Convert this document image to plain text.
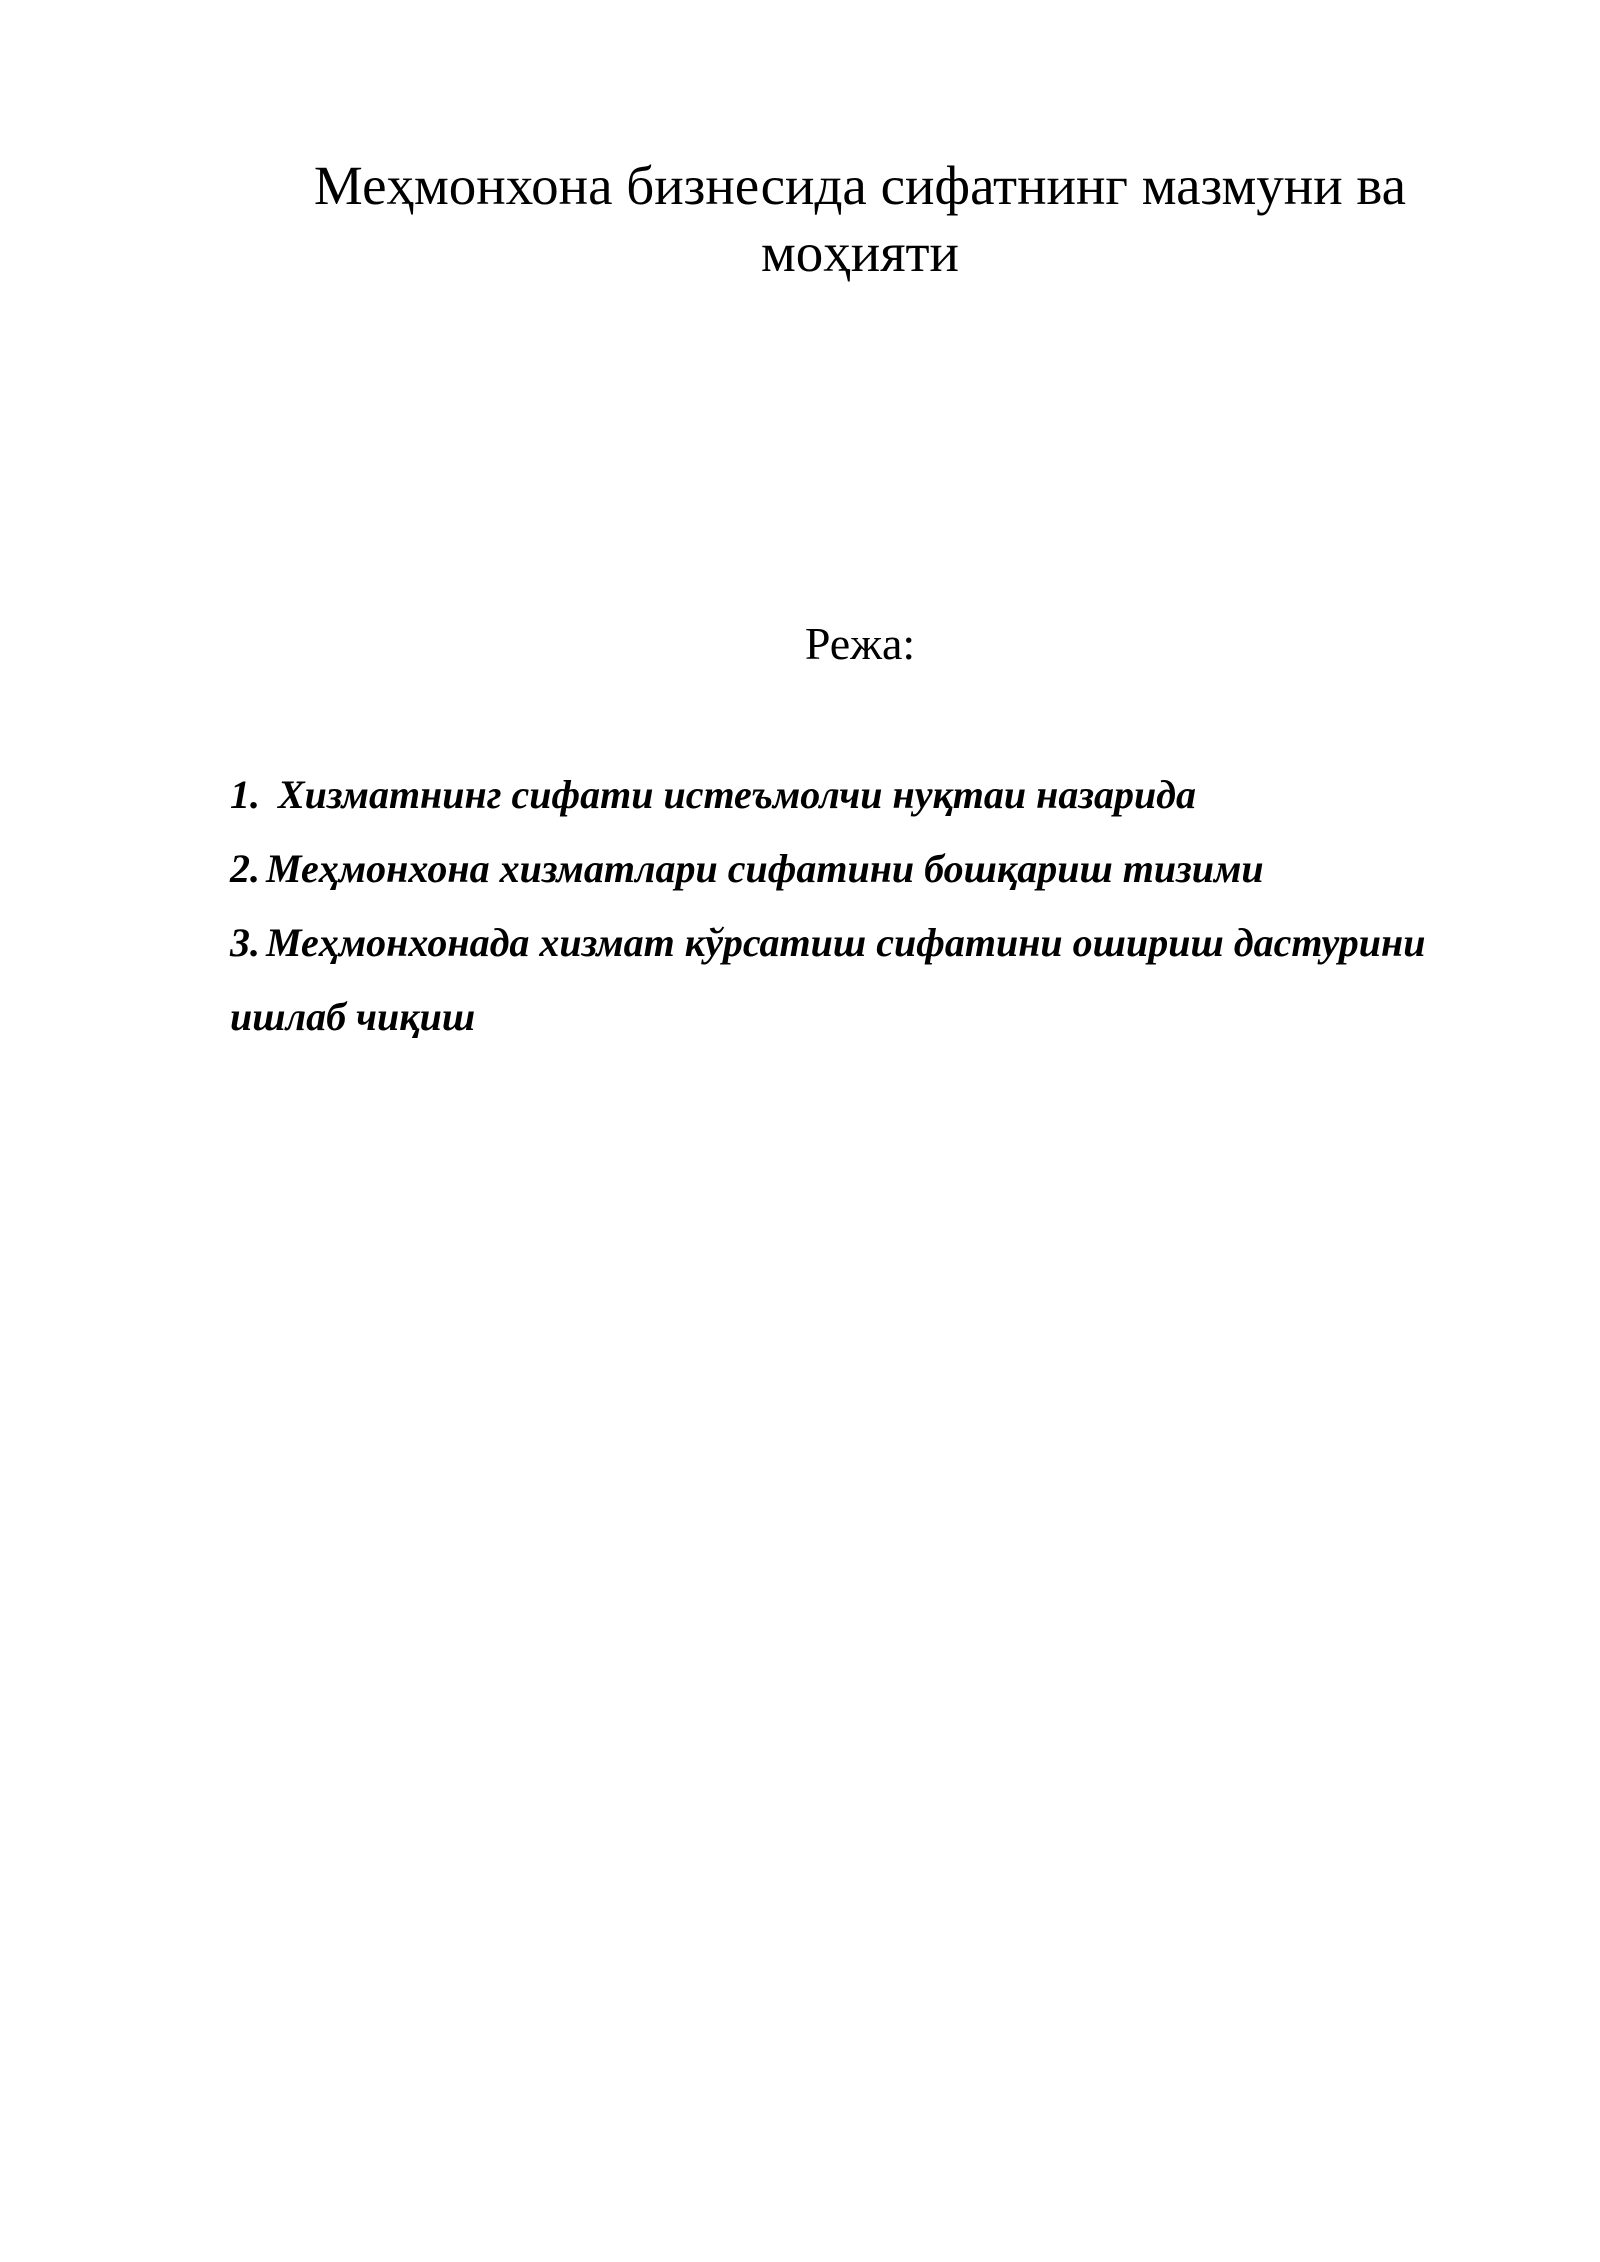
Меҳмонхона бизнесида сифатнинг мазмуни ва моҳияти

Режа:

1. Хизматнинг сифати истеъмолчи нуқтаи назарида
2. Меҳмонхона хизматлари сифатини бошқариш тизими
3. Меҳмонхонада хизмат кўрсатиш сифатини ошириш дастурини ишлаб чиқиш
